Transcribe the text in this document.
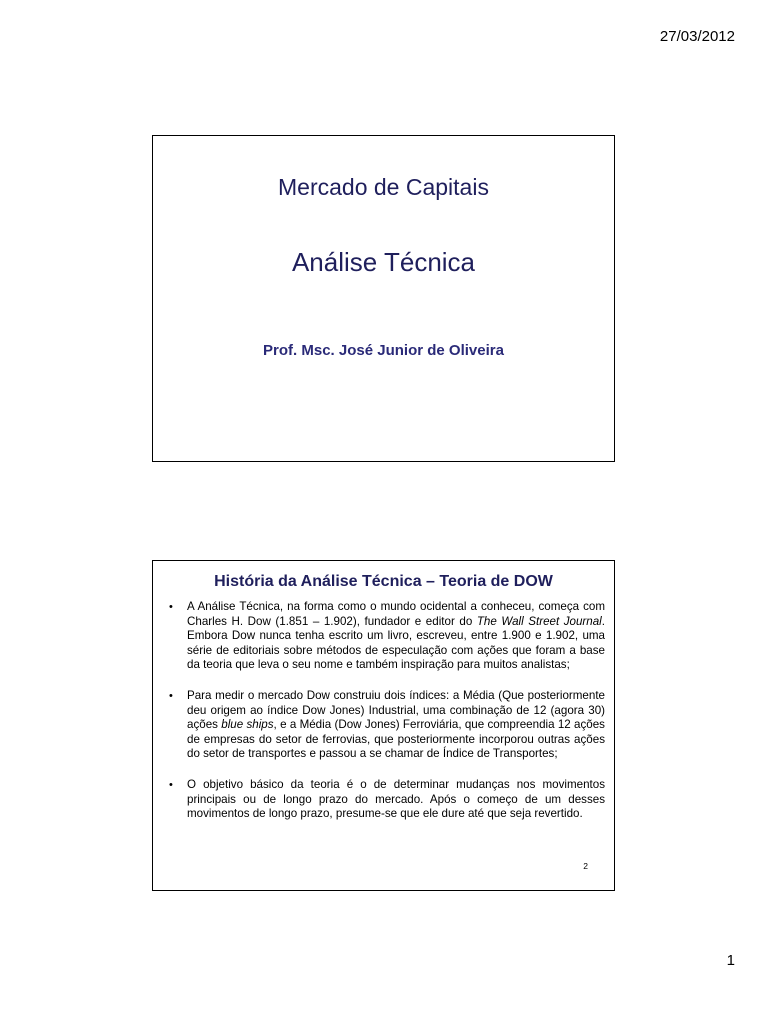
27/03/2012
Mercado de Capitais
Análise Técnica
Prof. Msc. José Junior de Oliveira
História da Análise Técnica – Teoria de DOW
• A Análise Técnica, na forma como o mundo ocidental a conheceu, começa com Charles H. Dow (1.851 – 1.902), fundador e editor do The Wall Street Journal. Embora Dow nunca tenha escrito um livro, escreveu, entre 1.900 e 1.902, uma série de editoriais sobre métodos de especulação com ações que foram a base da teoria que leva o seu nome e também inspiração para muitos analistas;
• Para medir o mercado Dow construiu dois índices: a Média (Que posteriormente deu origem ao índice Dow Jones) Industrial, uma combinação de 12 (agora 30) ações blue ships, e a Média (Dow Jones) Ferroviária, que compreendia 12 ações de empresas do setor de ferrovias, que posteriormente incorporou outras ações do setor de transportes e passou a se chamar de Índice de Transportes;
• O objetivo básico da teoria é o de determinar mudanças nos movimentos principais ou de longo prazo do mercado. Após o começo de um desses movimentos de longo prazo, presume-se que ele dure até que seja revertido.
2
1
